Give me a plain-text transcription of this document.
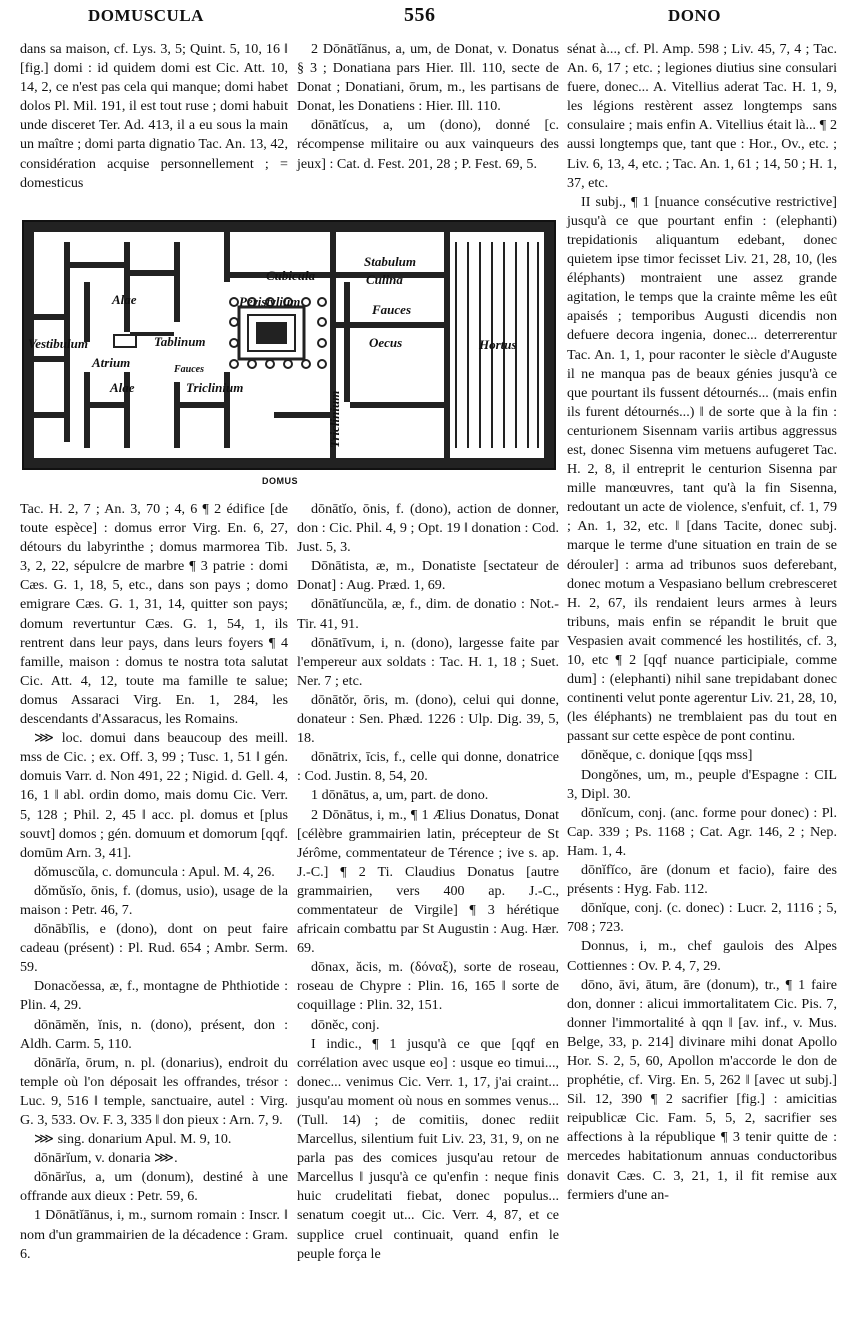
DOMUSCULA	556	DONO

dans sa maison, cf. Lys. 3, 5; Quint. 5, 10, 16 ‖ [fig.] domi : id quidem domi est Cic. Att. 10, 14, 2, ce n'est pas cela qui manque; domi habet dolos Pl. Mil. 191, il est tout ruse ; domi habuit unde disceret Ter. Ad. 413, il a eu sous la main un maître ; domi parta dignatio Tac. An. 13, 42, considération acquise personnellement ; = domesticus

2 Dōnātĭānus, a, um, de Donat, v. Donatus § 3 ; Donatiana pars Hier. Ill. 110, secte de Donat ; Donatiani, ōrum, m., les partisans de Donat, les Donatiens : Hier. Ill. 110.

dōnātĭcus, a, um (dono), donné [c. récompense militaire ou aux vainqueurs des jeux] : Cat. d. Fest. 201, 28 ; P. Fest. 69, 5.

Stabulum
Cubicula	Culina
Alae	Peristylium
Fauces
Vestibulum	Tablinum	Oecus	Hortus
Atrium	Fauces
Triclinium
Alae
Triclinium
DOMUS

Tac. H. 2, 7 ; An. 3, 70 ; 4, 6 ¶ 2 édifice [de toute espèce] : domus error Virg. En. 6, 27, détours du labyrinthe ; domus marmorea Tib. 3, 2, 22, sépulcre de marbre ¶ 3 patrie : domi Cæs. G. 1, 18, 5, etc., dans son pays ; domo emigrare Cæs. G. 1, 31, 14, quitter son pays; domum revertuntur Cæs. G. 1, 54, 1, ils rentrent dans leur pays, dans leurs foyers ¶ 4 famille, maison : domus te nostra tota salutat Cic. Att. 4, 12, toute ma famille te salue; domus Assaraci Virg. En. 1, 284, les descendants d'Assaracus, les Romains.

⋙ loc. domui dans beaucoup des meill. mss de Cic. ; ex. Off. 3, 99 ; Tusc. 1, 51 ‖ gén. domuis Varr. d. Non 491, 22 ; Nigid. d. Gell. 4, 16, 1 ‖ abl. ordin domo, mais domu Cic. Verr. 5, 128 ; Phil. 2, 45 ‖ acc. pl. domus et [plus souvt] domos ; gén. domuum et domorum [qqf. domūm Arn. 3, 41].

dŏmuscŭla, c. domuncula : Apul. M. 4, 26.

dŏmŭsĭo, ōnis, f. (domus, usio), usage de la maison : Petr. 46, 7.

dōnābĭlis, e (dono), dont on peut faire cadeau (présent) : Pl. Rud. 654 ; Ambr. Serm. 59.

Donacŏessa, æ, f., montagne de Phthiotide : Plin. 4, 29.

dōnāmĕn, ĭnis, n. (dono), présent, don : Aldh. Carm. 5, 110.

dōnārĭa, ōrum, n. pl. (donarius), endroit du temple où l'on déposait les offrandes, trésor : Luc. 9, 516 ‖ temple, sanctuaire, autel : Virg. G. 3, 533. Ov. F. 3, 335 ‖ don pieux : Arn. 7, 9.

⋙ sing. donarium Apul. M. 9, 10.

dōnārĭum, v. donaria ⋙.

dōnārĭus, a, um (donum), destiné à une offrande aux dieux : Petr. 59, 6.

1 Dōnātĭānus, i, m., surnom romain : Inscr. ‖ nom d'un grammairien de la décadence : Gram. 6.

dōnātĭo, ōnis, f. (dono), action de donner, don : Cic. Phil. 4, 9 ; Opt. 19 ‖ donation : Cod. Just. 5, 3.

Dōnātista, æ, m., Donatiste [sectateur de Donat] : Aug. Præd. 1, 69.

dōnātĭuncŭla, æ, f., dim. de donatio : Not.-Tir. 41, 91.

dōnātīvum, i, n. (dono), largesse faite par l'empereur aux soldats : Tac. H. 1, 18 ; Suet. Ner. 7 ; etc.

dōnātŏr, ōris, m. (dono), celui qui donne, donateur : Sen. Phæd. 1226 : Ulp. Dig. 39, 5, 18.

dōnātrix, īcis, f., celle qui donne, donatrice : Cod. Justin. 8, 54, 20.

1 dōnātus, a, um, part. de dono.

2 Dōnātus, i, m., ¶ 1 Ælius Donatus, Donat [célèbre grammairien latin, précepteur de St Jérôme, commentateur de Térence ; ive s. ap. J.-C.] ¶ 2 Ti. Claudius Donatus [autre grammairien, vers 400 ap. J.-C., commentateur de Virgile] ¶ 3 hérétique africain combattu par St Augustin : Aug. Hær. 69.

dōnax, ăcis, m. (δόναξ), sorte de roseau, roseau de Chypre : Plin. 16, 165 ‖ sorte de coquillage : Plin. 32, 151.

dōnĕc, conj.

I indic., ¶ 1 jusqu'à ce que [qqf en corrélation avec usque eo] : usque eo timui..., donec... venimus Cic. Verr. 1, 17, j'ai craint... jusqu'au moment où nous en sommes venus... (Tull. 14) ; de comitiis, donec rediit Marcellus, silentium fuit Liv. 23, 31, 9, on ne parla pas des comices jusqu'au retour de Marcellus ‖ jusqu'à ce qu'enfin : neque finis huic crudelitati fiebat, donec populus... senatum coegit ut... Cic. Verr. 4, 87, et ce supplice cruel continuait, quand enfin le peuple força le

sénat à..., cf. Pl. Amp. 598 ; Liv. 45, 7, 4 ; Tac. An. 6, 17 ; etc. ; legiones diutius sine consulari fuere, donec... A. Vitellius aderat Tac. H. 1, 9, les légions restèrent assez longtemps sans consulaire ; mais enfin A. Vitellius était là... ¶ 2 aussi longtemps que, tant que : Hor., Ov., etc. ; Liv. 6, 13, 4, etc. ; Tac. An. 1, 61 ; 14, 50 ; H. 1, 37, etc.

II subj., ¶ 1 [nuance consécutive restrictive] jusqu'à ce que pourtant enfin : (elephanti) trepidationis aliquantum edebant, donec quietem ipse timor fecisset Liv. 21, 28, 10, (les éléphants) montraient une assez grande agitation, le temps que la crainte même les eût apaisés ; temporibus Augusti dicendis non defuere decora ingenia, donec... deterrerentur Tac. An. 1, 1, pour raconter le siècle d'Auguste il ne manqua pas de beaux génies jusqu'à ce que pourtant ils fussent détournés... (mais enfin ils furent détournés...) ‖ de sorte que à la fin : centurionem Sisennam variis artibus aggressus est, donec Sisenna vim metuens aufugeret Tac. H. 2, 8, il entreprit le centurion Sisenna par mille manœuvres, tant qu'à la fin Sisenna, redoutant un acte de violence, s'enfuit, cf. 1, 79 ; An. 1, 32, etc. ‖ [dans Tacite, donec subj. marque le terme d'une situation en train de se dérouler] : arma ad tribunos suos deferebant, donec motum a Vespasiano bellum crebresceret H. 2, 67, ils rendaient leurs armes à leurs tribuns, mais enfin se répandit le bruit que Vespasien avait commencé les hostilités, cf. 3, 10, etc ¶ 2 [qqf nuance participiale, comme dum] : (elephanti) nihil sane trepidabant donec continenti velut ponte agerentur Liv. 21, 28, 10, (les éléphants) ne tremblaient pas du tout en passant sur cette espèce de pont continu.

dōnĕque, c. donique [qqs mss]

Dongŏnes, um, m., peuple d'Espagne : CIL 3, Dipl. 30.

dōnĭcum, conj. (anc. forme pour donec) : Pl. Cap. 339 ; Ps. 1168 ; Cat. Agr. 146, 2 ; Nep. Ham. 1, 4.

dōnĭfĭco, āre (donum et facio), faire des présents : Hyg. Fab. 112.

dōnĭque, conj. (c. donec) : Lucr. 2, 1116 ; 5, 708 ; 723.

Donnus, i, m., chef gaulois des Alpes Cottiennes : Ov. P. 4, 7, 29.

dōno, āvi, ātum, āre (donum), tr., ¶ 1 faire don, donner : alicui immortalitatem Cic. Pis. 7, donner l'immortalité à qqn ‖ [av. inf., v. Mus. Belge, 33, p. 214] divinare mihi donat Apollo Hor. S. 2, 5, 60, Apollon m'accorde le don de prophétie, cf. Virg. En. 5, 262 ‖ [avec ut subj.] Sil. 12, 390 ¶ 2 sacrifier [fig.] : amicitias reipublicæ Cic. Fam. 5, 5, 2, sacrifier ses affections à la république ¶ 3 tenir quitte de : mercedes habitationum annuas conductoribus donavit Cæs. C. 3, 21, 1, il fit remise aux fermiers d'une an-
